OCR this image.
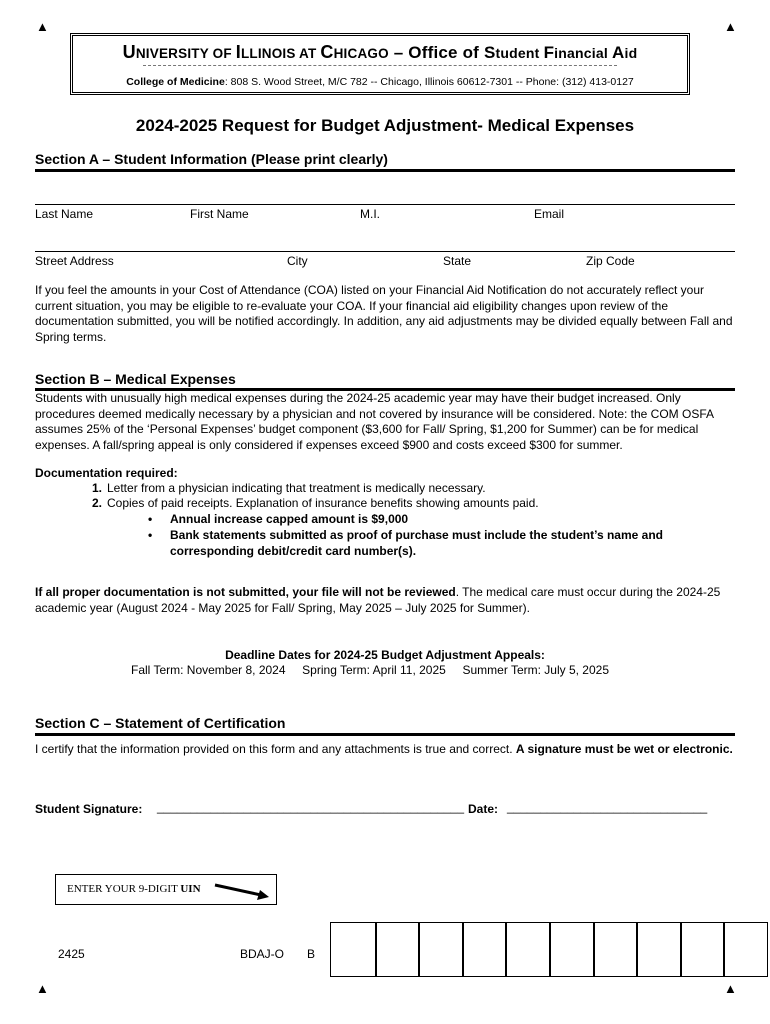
▲	▲
▲	▲
UNIVERSITY OF ILLINOIS AT CHICAGO – Office of Student Financial Aid
College of Medicine: 808 S. Wood Street, M/C 782 -- Chicago, Illinois 60612-7301 -- Phone: (312) 413-0127
2024-2025 Request for Budget Adjustment- Medical Expenses
Section A – Student Information (Please print clearly)
Last Name	First Name	M.I.	Email
Street Address	City	State	Zip Code
If you feel the amounts in your Cost of Attendance (COA) listed on your Financial Aid Notification do not accurately reflect your current situation, you may be eligible to re-evaluate your COA. If your financial aid eligibility changes upon review of the documentation submitted, you will be notified accordingly. In addition, any aid adjustments may be divided equally between Fall and Spring terms.
Section B – Medical Expenses
Students with unusually high medical expenses during the 2024-25 academic year may have their budget increased. Only procedures deemed medically necessary by a physician and not covered by insurance will be considered. Note: the COM OSFA assumes 25% of the ‘Personal Expenses’ budget component ($3,600 for Fall/ Spring, $1,200 for Summer) can be for medical expenses. A fall/spring appeal is only considered if expenses exceed $900 and costs exceed $300 for summer.
Documentation required:
1. Letter from a physician indicating that treatment is medically necessary.
2. Copies of paid receipts. Explanation of insurance benefits showing amounts paid.
• Annual increase capped amount is $9,000
• Bank statements submitted as proof of purchase must include the student’s name and corresponding debit/credit card number(s).
If all proper documentation is not submitted, your file will not be reviewed. The medical care must occur during the 2024-25 academic year (August 2024 - May 2025 for Fall/ Spring, May 2025 – July 2025 for Summer).
Deadline Dates for 2024-25 Budget Adjustment Appeals:
Fall Term: November 8, 2024     Spring Term: April 11, 2025     Summer Term: July 5, 2025
Section C – Statement of Certification
I certify that the information provided on this form and any attachments is true and correct. A signature must be wet or electronic.
Student Signature: ______________________________________________ Date: ______________________________
ENTER YOUR 9-DIGIT UIN
2425	BDAJ-O B
